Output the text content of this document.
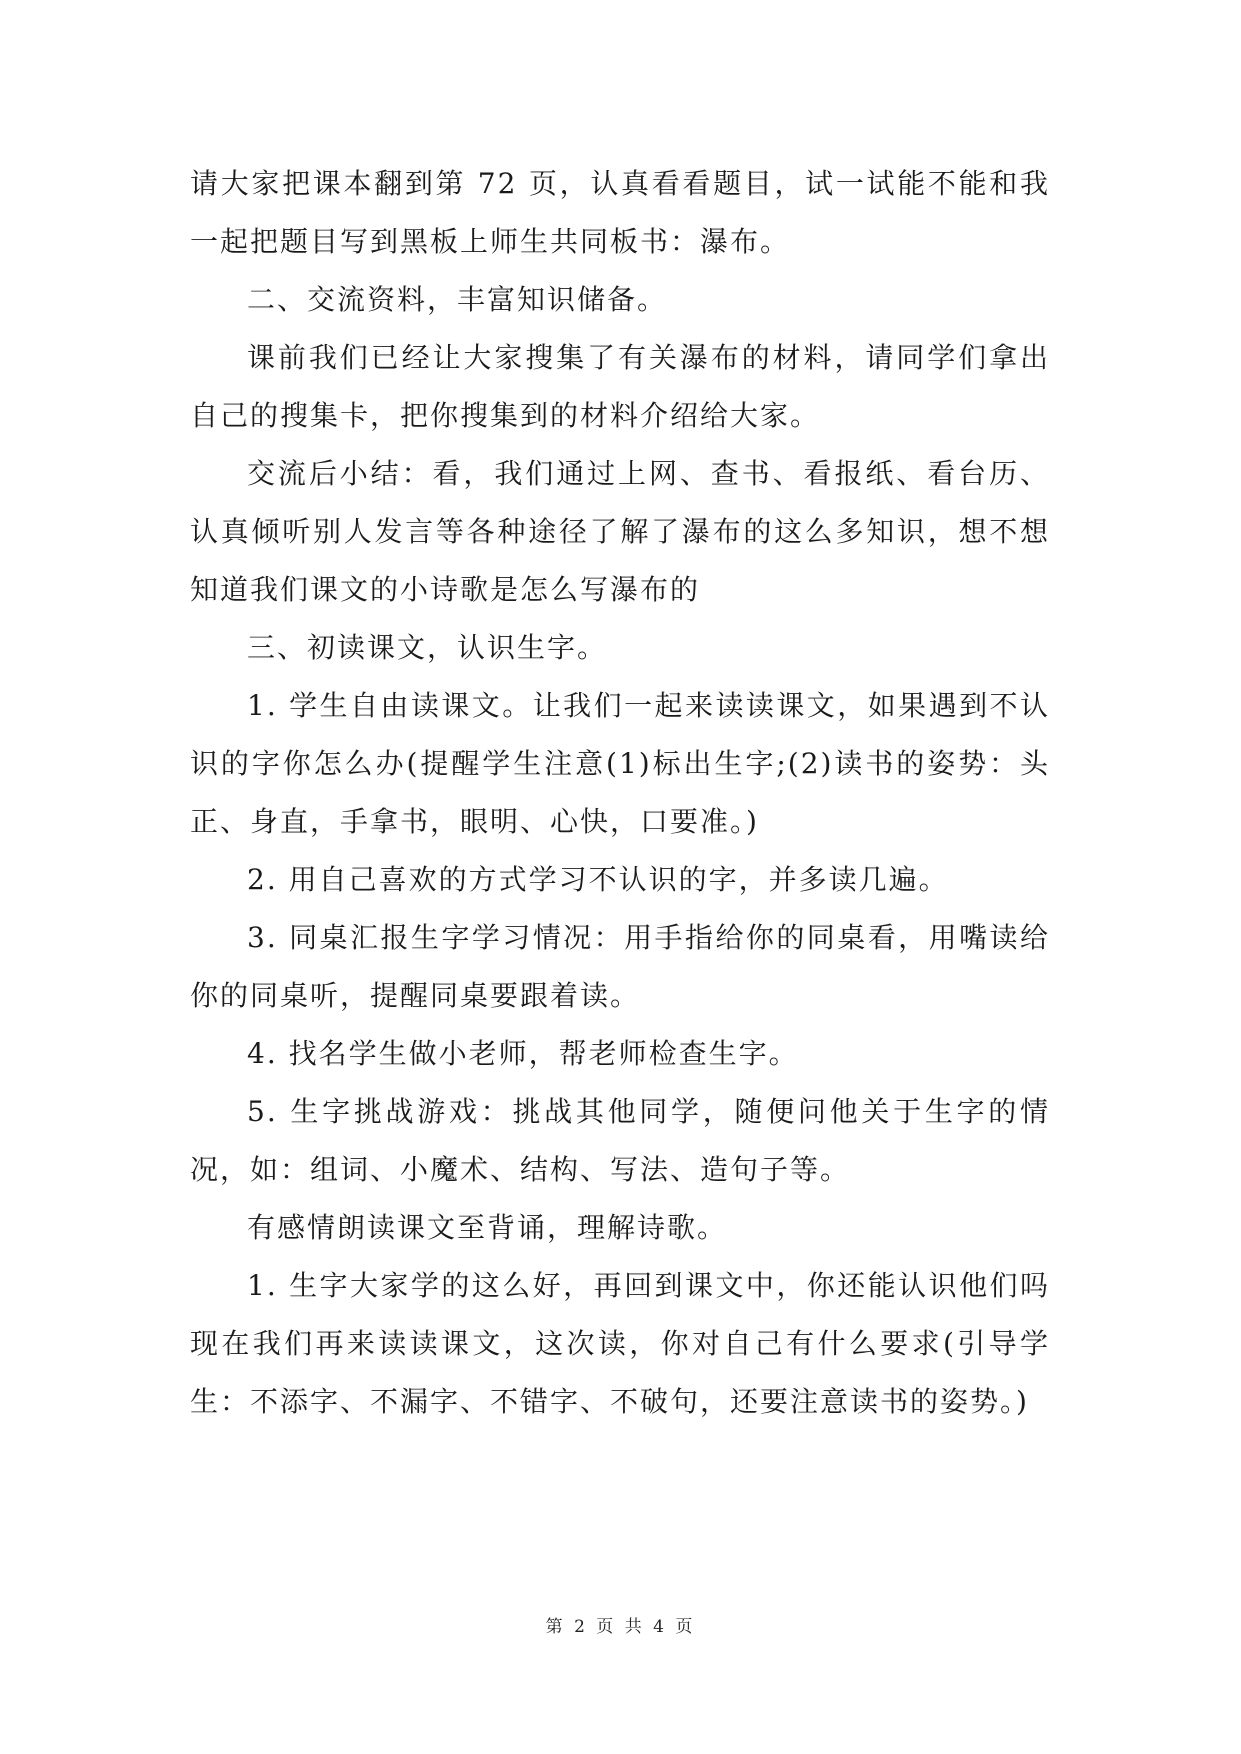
请大家把课本翻到第 72 页，认真看看题目，试一试能不能和我一起把题目写到黑板上师生共同板书：瀑布。

二、交流资料，丰富知识储备。

课前我们已经让大家搜集了有关瀑布的材料，请同学们拿出自己的搜集卡，把你搜集到的材料介绍给大家。

交流后小结：看，我们通过上网、查书、看报纸、看台历、认真倾听别人发言等各种途径了解了瀑布的这么多知识，想不想知道我们课文的小诗歌是怎么写瀑布的

三、初读课文，认识生字。

1. 学生自由读课文。让我们一起来读读课文，如果遇到不认识的字你怎么办(提醒学生注意(1)标出生字;(2)读书的姿势：头正、身直，手拿书，眼明、心快，口要准。)

2. 用自己喜欢的方式学习不认识的字，并多读几遍。

3. 同桌汇报生字学习情况：用手指给你的同桌看，用嘴读给你的同桌听，提醒同桌要跟着读。

4. 找名学生做小老师，帮老师检查生字。

5. 生字挑战游戏：挑战其他同学，随便问他关于生字的情况，如：组词、小魔术、结构、写法、造句子等。

有感情朗读课文至背诵，理解诗歌。

1. 生字大家学的这么好，再回到课文中，你还能认识他们吗现在我们再来读读课文，这次读，你对自己有什么要求(引导学生：不添字、不漏字、不错字、不破句，还要注意读书的姿势。)

第 2 页 共 4 页
